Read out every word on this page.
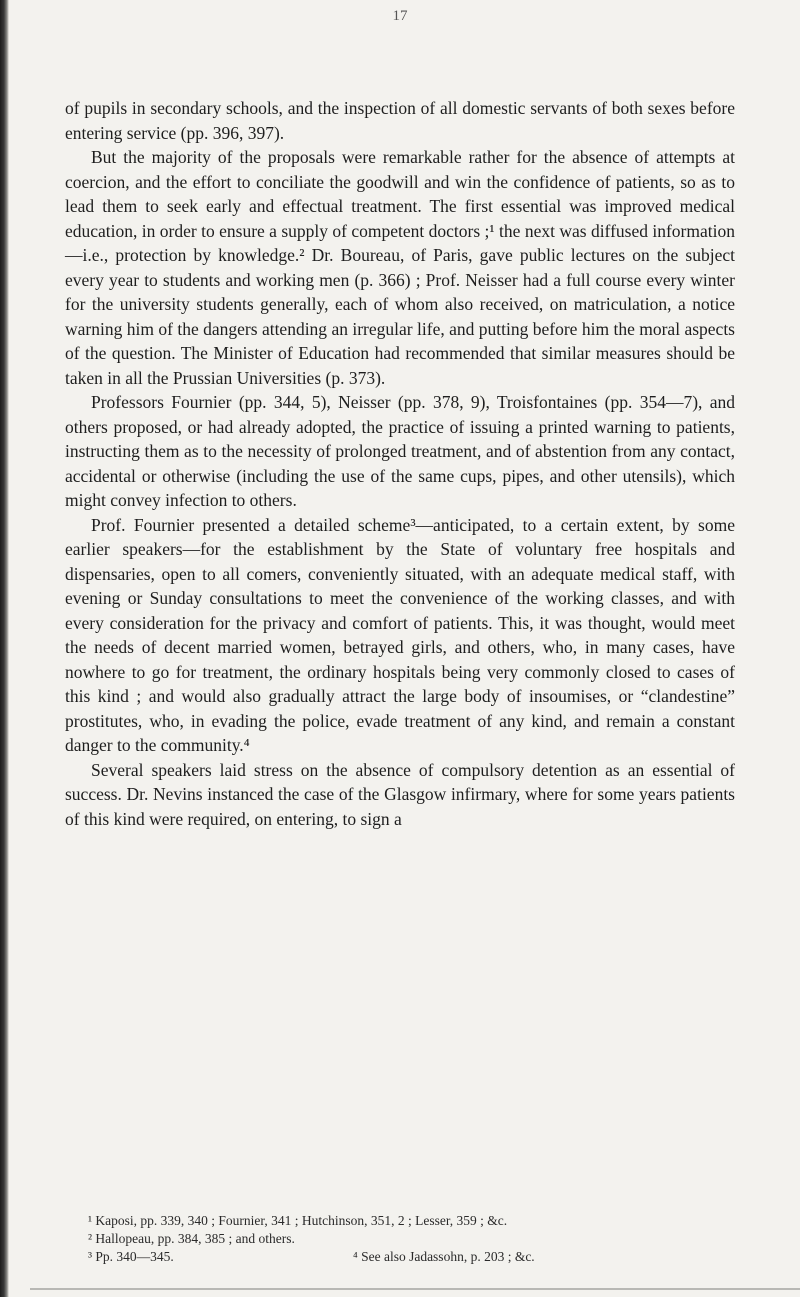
17

of pupils in secondary schools, and the inspection of all domestic servants of both sexes before entering service (pp. 396, 397).

But the majority of the proposals were remarkable rather for the absence of attempts at coercion, and the effort to conciliate the goodwill and win the confidence of patients, so as to lead them to seek early and effectual treatment. The first essential was improved medical education, in order to ensure a supply of competent doctors ;¹ the next was diffused information—i.e., protection by knowledge.² Dr. Boureau, of Paris, gave public lectures on the subject every year to students and working men (p. 366) ; Prof. Neisser had a full course every winter for the university students generally, each of whom also received, on matriculation, a notice warning him of the dangers attending an irregular life, and putting before him the moral aspects of the question. The Minister of Education had recommended that similar measures should be taken in all the Prussian Universities (p. 373).

Professors Fournier (pp. 344, 5), Neisser (pp. 378, 9), Troisfontaines (pp. 354—7), and others proposed, or had already adopted, the practice of issuing a printed warning to patients, instructing them as to the necessity of prolonged treatment, and of abstention from any contact, accidental or otherwise (including the use of the same cups, pipes, and other utensils), which might convey infection to others.

Prof. Fournier presented a detailed scheme³—anticipated, to a certain extent, by some earlier speakers—for the establishment by the State of voluntary free hospitals and dispensaries, open to all comers, conveniently situated, with an adequate medical staff, with evening or Sunday consultations to meet the convenience of the working classes, and with every consideration for the privacy and comfort of patients. This, it was thought, would meet the needs of decent married women, betrayed girls, and others, who, in many cases, have nowhere to go for treatment, the ordinary hospitals being very commonly closed to cases of this kind ; and would also gradually attract the large body of insoumises, or “clandestine” prostitutes, who, in evading the police, evade treatment of any kind, and remain a constant danger to the community.⁴

Several speakers laid stress on the absence of compulsory detention as an essential of success. Dr. Nevins instanced the case of the Glasgow infirmary, where for some years patients of this kind were required, on entering, to sign a

¹ Kaposi, pp. 339, 340 ; Fournier, 341 ; Hutchinson, 351, 2 ; Lesser, 359 ; &c.
² Hallopeau, pp. 384, 385 ; and others.
³ Pp. 340—345.	⁴ See also Jadassohn, p. 203 ; &c.
